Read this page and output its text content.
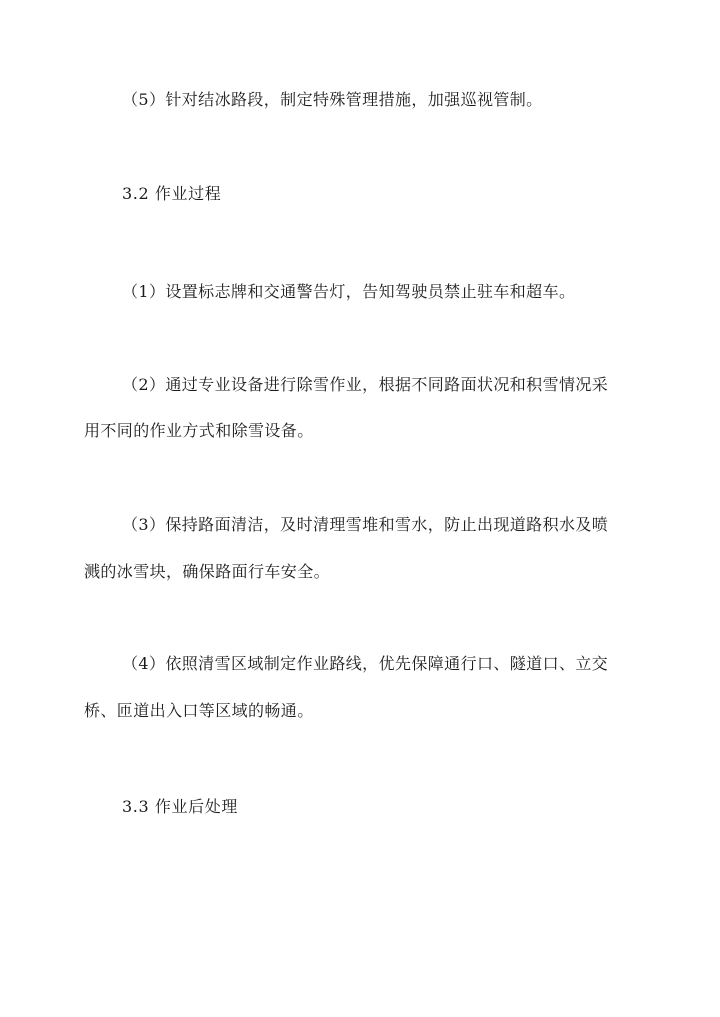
（5）针对结冰路段，制定特殊管理措施，加强巡视管制。
3.2 作业过程
（1）设置标志牌和交通警告灯，告知驾驶员禁止驻车和超车。
（2）通过专业设备进行除雪作业，根据不同路面状况和积雪情况采
用不同的作业方式和除雪设备。
（3）保持路面清洁，及时清理雪堆和雪水，防止出现道路积水及喷
溅的冰雪块，确保路面行车安全。
（4）依照清雪区域制定作业路线，优先保障通行口、隧道口、立交
桥、匝道出入口等区域的畅通。
3.3 作业后处理
